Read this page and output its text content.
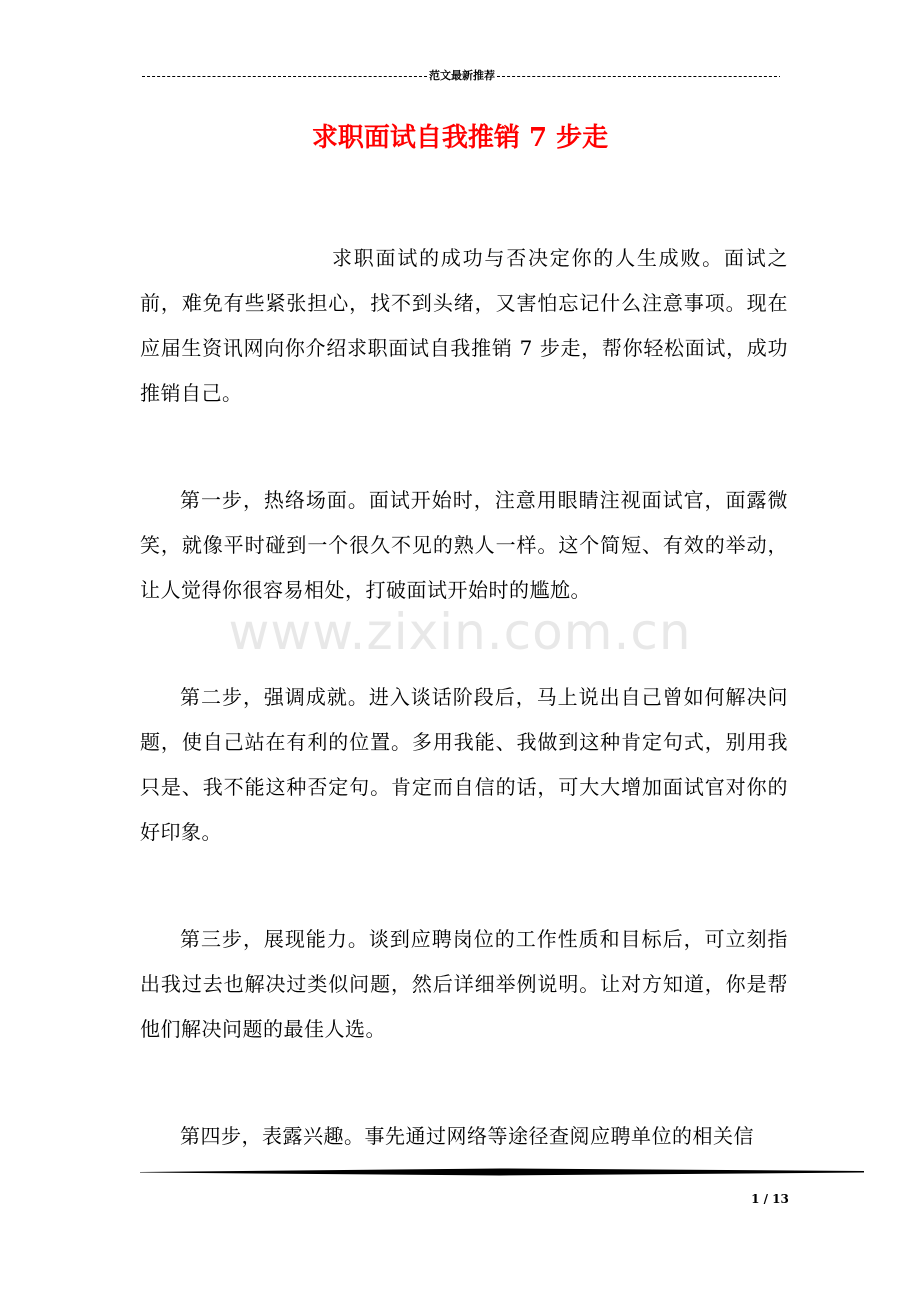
范文最新推荐
求职面试自我推销 7 步走

求职面试的成功与否决定你的人生成败。面试之前，难免有些紧张担心，找不到头绪，又害怕忘记什么注意事项。现在应届生资讯网向你介绍求职面试自我推销 7 步走，帮你轻松面试，成功推销自己。

第一步，热络场面。面试开始时，注意用眼睛注视面试官，面露微笑，就像平时碰到一个很久不见的熟人一样。这个简短、有效的举动，让人觉得你很容易相处，打破面试开始时的尴尬。

第二步，强调成就。进入谈话阶段后，马上说出自己曾如何解决问题，使自己站在有利的位置。多用我能、我做到这种肯定句式，别用我只是、我不能这种否定句。肯定而自信的话，可大大增加面试官对你的好印象。

第三步，展现能力。谈到应聘岗位的工作性质和目标后，可立刻指出我过去也解决过类似问题，然后详细举例说明。让对方知道，你是帮他们解决问题的最佳人选。

第四步，表露兴趣。事先通过网络等途径查阅应聘单位的相关信

www.zixin.com.cn
1 / 13
